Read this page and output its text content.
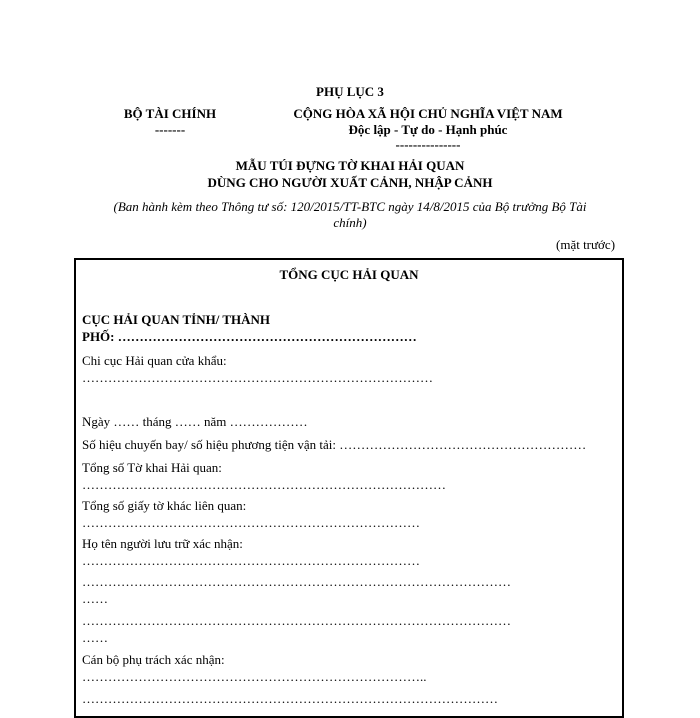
PHỤ LỤC 3
BỘ TÀI CHÍNH
-------
CỘNG HÒA XÃ HỘI CHỦ NGHĨA VIỆT NAM
Độc lập - Tự do - Hạnh phúc
---------------
MẪU TÚI ĐỰNG TỜ KHAI HẢI QUAN
DÙNG CHO NGƯỜI XUẤT CẢNH, NHẬP CẢNH
(Ban hành kèm theo Thông tư số: 120/2015/TT-BTC ngày 14/8/2015 của Bộ trưởng Bộ Tài
chính)
(mặt trước)
TỔNG CỤC HẢI QUAN
CỤC HẢI QUAN TỈNH/ THÀNH
PHỐ: ……………………………………………………………
Chi cục Hải quan cửa khẩu:
………………………………………………………………………
Ngày …… tháng …… năm ………………
Số hiệu chuyến bay/ số hiệu phương tiện vận tải: …………………………………………………
Tổng số Tờ khai Hải quan:
…………………………………………………………………………
Tổng số giấy tờ khác liên quan:
……………………………………………………………………
Họ tên người lưu trữ xác nhận:
……………………………………………………………………
………………………………………………………………………………………
……
………………………………………………………………………………………
……
Cán bộ phụ trách xác nhận:
……………………………………………………………………..
……………………………………………………………………………………
